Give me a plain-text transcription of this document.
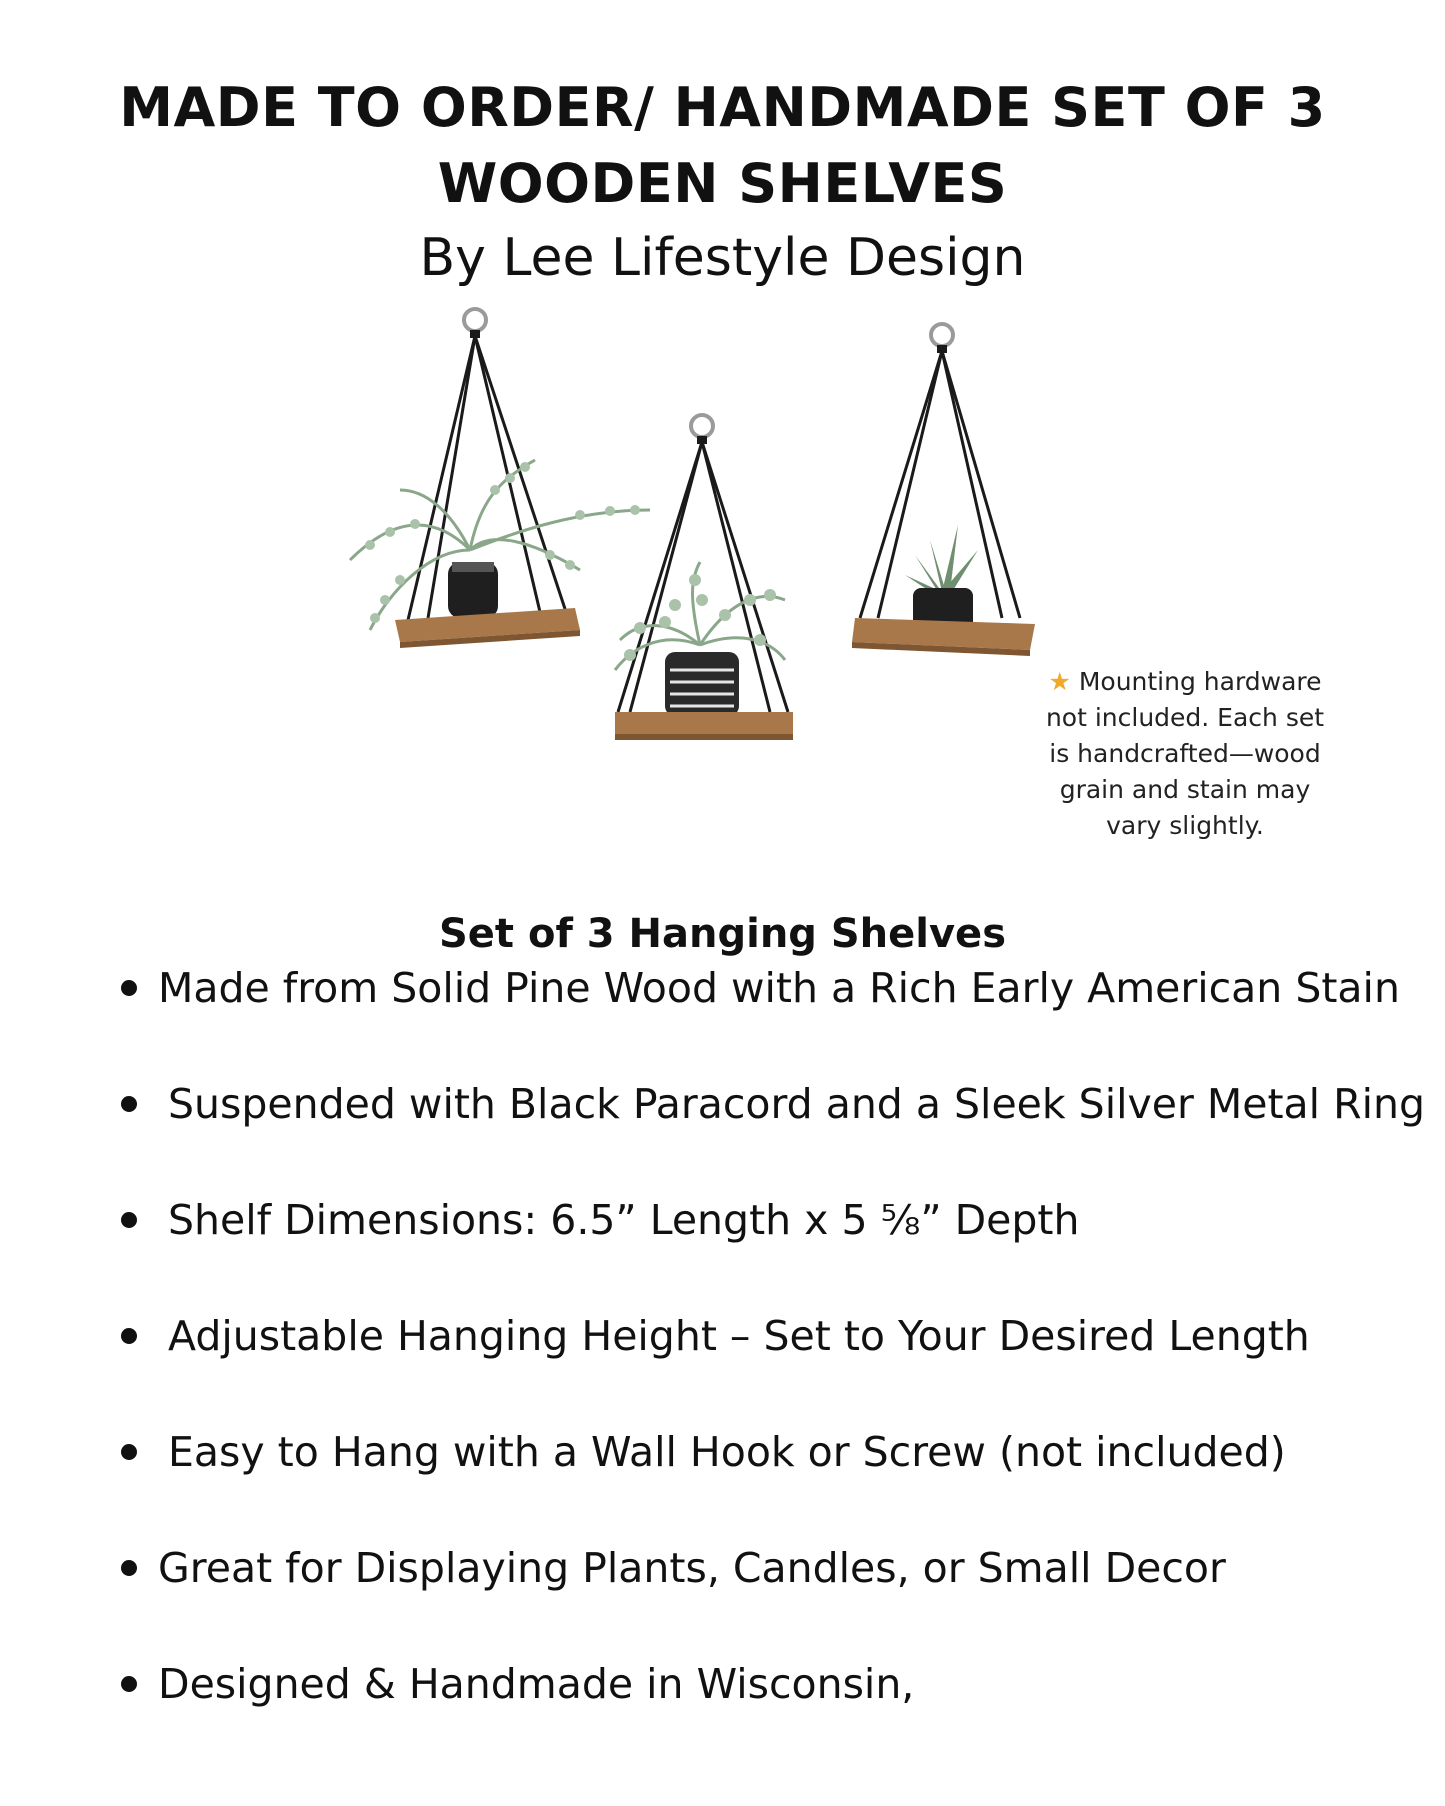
MADE TO ORDER/ HANDMADE SET OF 3
WOODEN SHELVES
By Lee Lifestyle Design
★ Mounting hardware not included. Each set is handcrafted—wood grain and stain may vary slightly.
Set of 3 Hanging Shelves
Made from Solid Pine Wood with a Rich Early American Stain
Suspended with Black Paracord and a Sleek Silver Metal Ring
Shelf Dimensions: 6.5” Length x 5 ⅝” Depth
Adjustable Hanging Height – Set to Your Desired Length
Easy to Hang with a Wall Hook or Screw (not included)
Great for Displaying Plants, Candles, or Small Decor
Designed & Handmade in Wisconsin,
